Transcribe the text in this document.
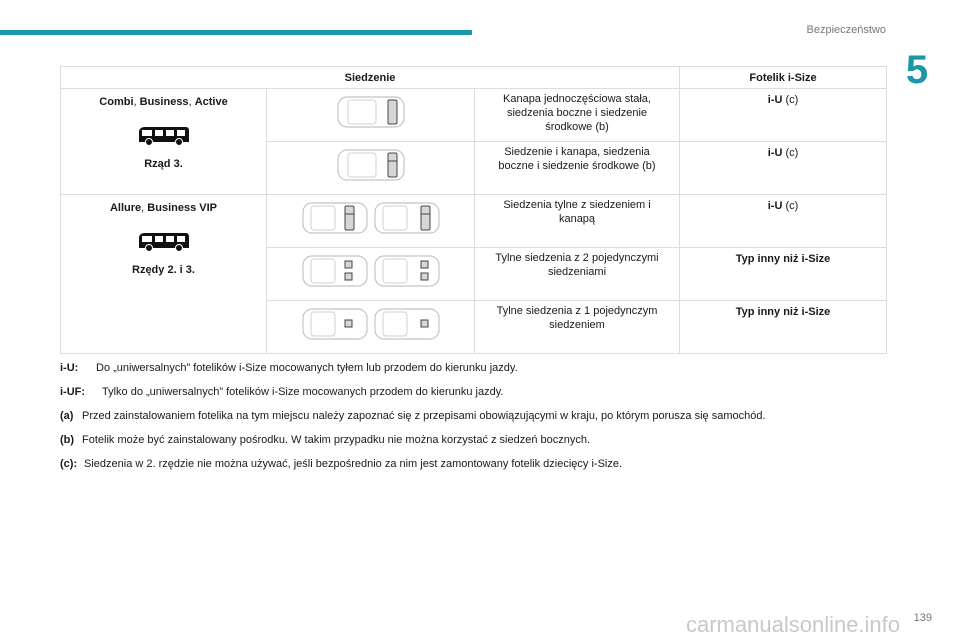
Bezpieczeństwo
5
Siedzenie			Fotelik i-Size

Combi, Business, Active
Rząd 3.		Kanapa jednoczęściowa stała, siedzenia boczne i siedzenie środkowe (b)	i-U (c)

	Siedzenie i kanapa, siedzenia boczne i siedzenie środkowe (b)	i-U (c)

Allure, Business VIP
Rzędy 2. i 3.		Siedzenia tylne z siedzeniem i kanapą	i-U (c)

	Tylne siedzenia z 2 pojedynczymi siedzeniami	Typ inny niż i-Size

	Tylne siedzenia z 1 pojedynczym siedzeniem	Typ inny niż i-Size
i-U: Do „uniwersalnych” fotelików i-Size mocowanych tyłem lub przodem do kierunku jazdy.
i-UF: Tylko do „uniwersalnych” fotelików i-Size mocowanych przodem do kierunku jazdy.
(a) Przed zainstalowaniem fotelika na tym miejscu należy zapoznać się z przepisami obowiązującymi w kraju, po którym porusza się samochód.
(b) Fotelik może być zainstalowany pośrodku. W takim przypadku nie można korzystać z siedzeń bocznych.
(c): Siedzenia w 2. rzędzie nie można używać, jeśli bezpośrednio za nim jest zamontowany fotelik dziecięcy i-Size.
carmanualsonline.info 139
